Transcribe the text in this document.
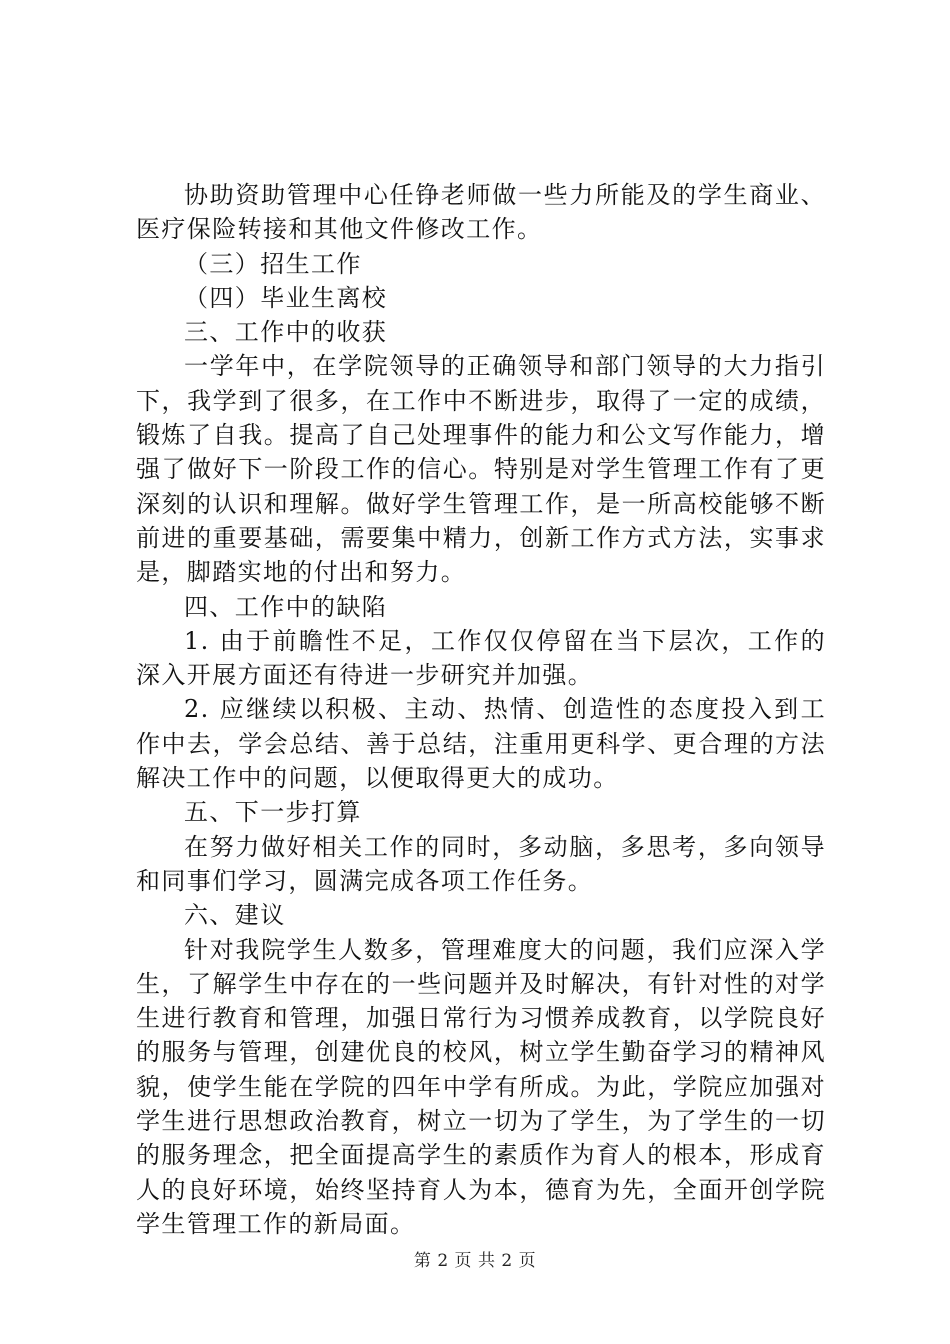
协助资助管理中心任铮老师做一些力所能及的学生商业、医疗保险转接和其他文件修改工作。

（三）招生工作

（四）毕业生离校

三、工作中的收获

一学年中，在学院领导的正确领导和部门领导的大力指引下，我学到了很多，在工作中不断进步，取得了一定的成绩，锻炼了自我。提高了自己处理事件的能力和公文写作能力，增强了做好下一阶段工作的信心。特别是对学生管理工作有了更深刻的认识和理解。做好学生管理工作，是一所高校能够不断前进的重要基础，需要集中精力，创新工作方式方法，实事求是，脚踏实地的付出和努力。

四、工作中的缺陷

1. 由于前瞻性不足，工作仅仅停留在当下层次，工作的深入开展方面还有待进一步研究并加强。

2. 应继续以积极、主动、热情、创造性的态度投入到工作中去，学会总结、善于总结，注重用更科学、更合理的方法解决工作中的问题，以便取得更大的成功。

五、下一步打算

在努力做好相关工作的同时，多动脑，多思考，多向领导和同事们学习，圆满完成各项工作任务。

六、建议

针对我院学生人数多，管理难度大的问题，我们应深入学生，了解学生中存在的一些问题并及时解决，有针对性的对学生进行教育和管理，加强日常行为习惯养成教育，以学院良好的服务与管理，创建优良的校风，树立学生勤奋学习的精神风貌，使学生能在学院的四年中学有所成。为此，学院应加强对学生进行思想政治教育，树立一切为了学生，为了学生的一切的服务理念，把全面提高学生的素质作为育人的根本，形成育人的良好环境，始终坚持育人为本，德育为先，全面开创学院学生管理工作的新局面。

第 2 页 共 2 页
